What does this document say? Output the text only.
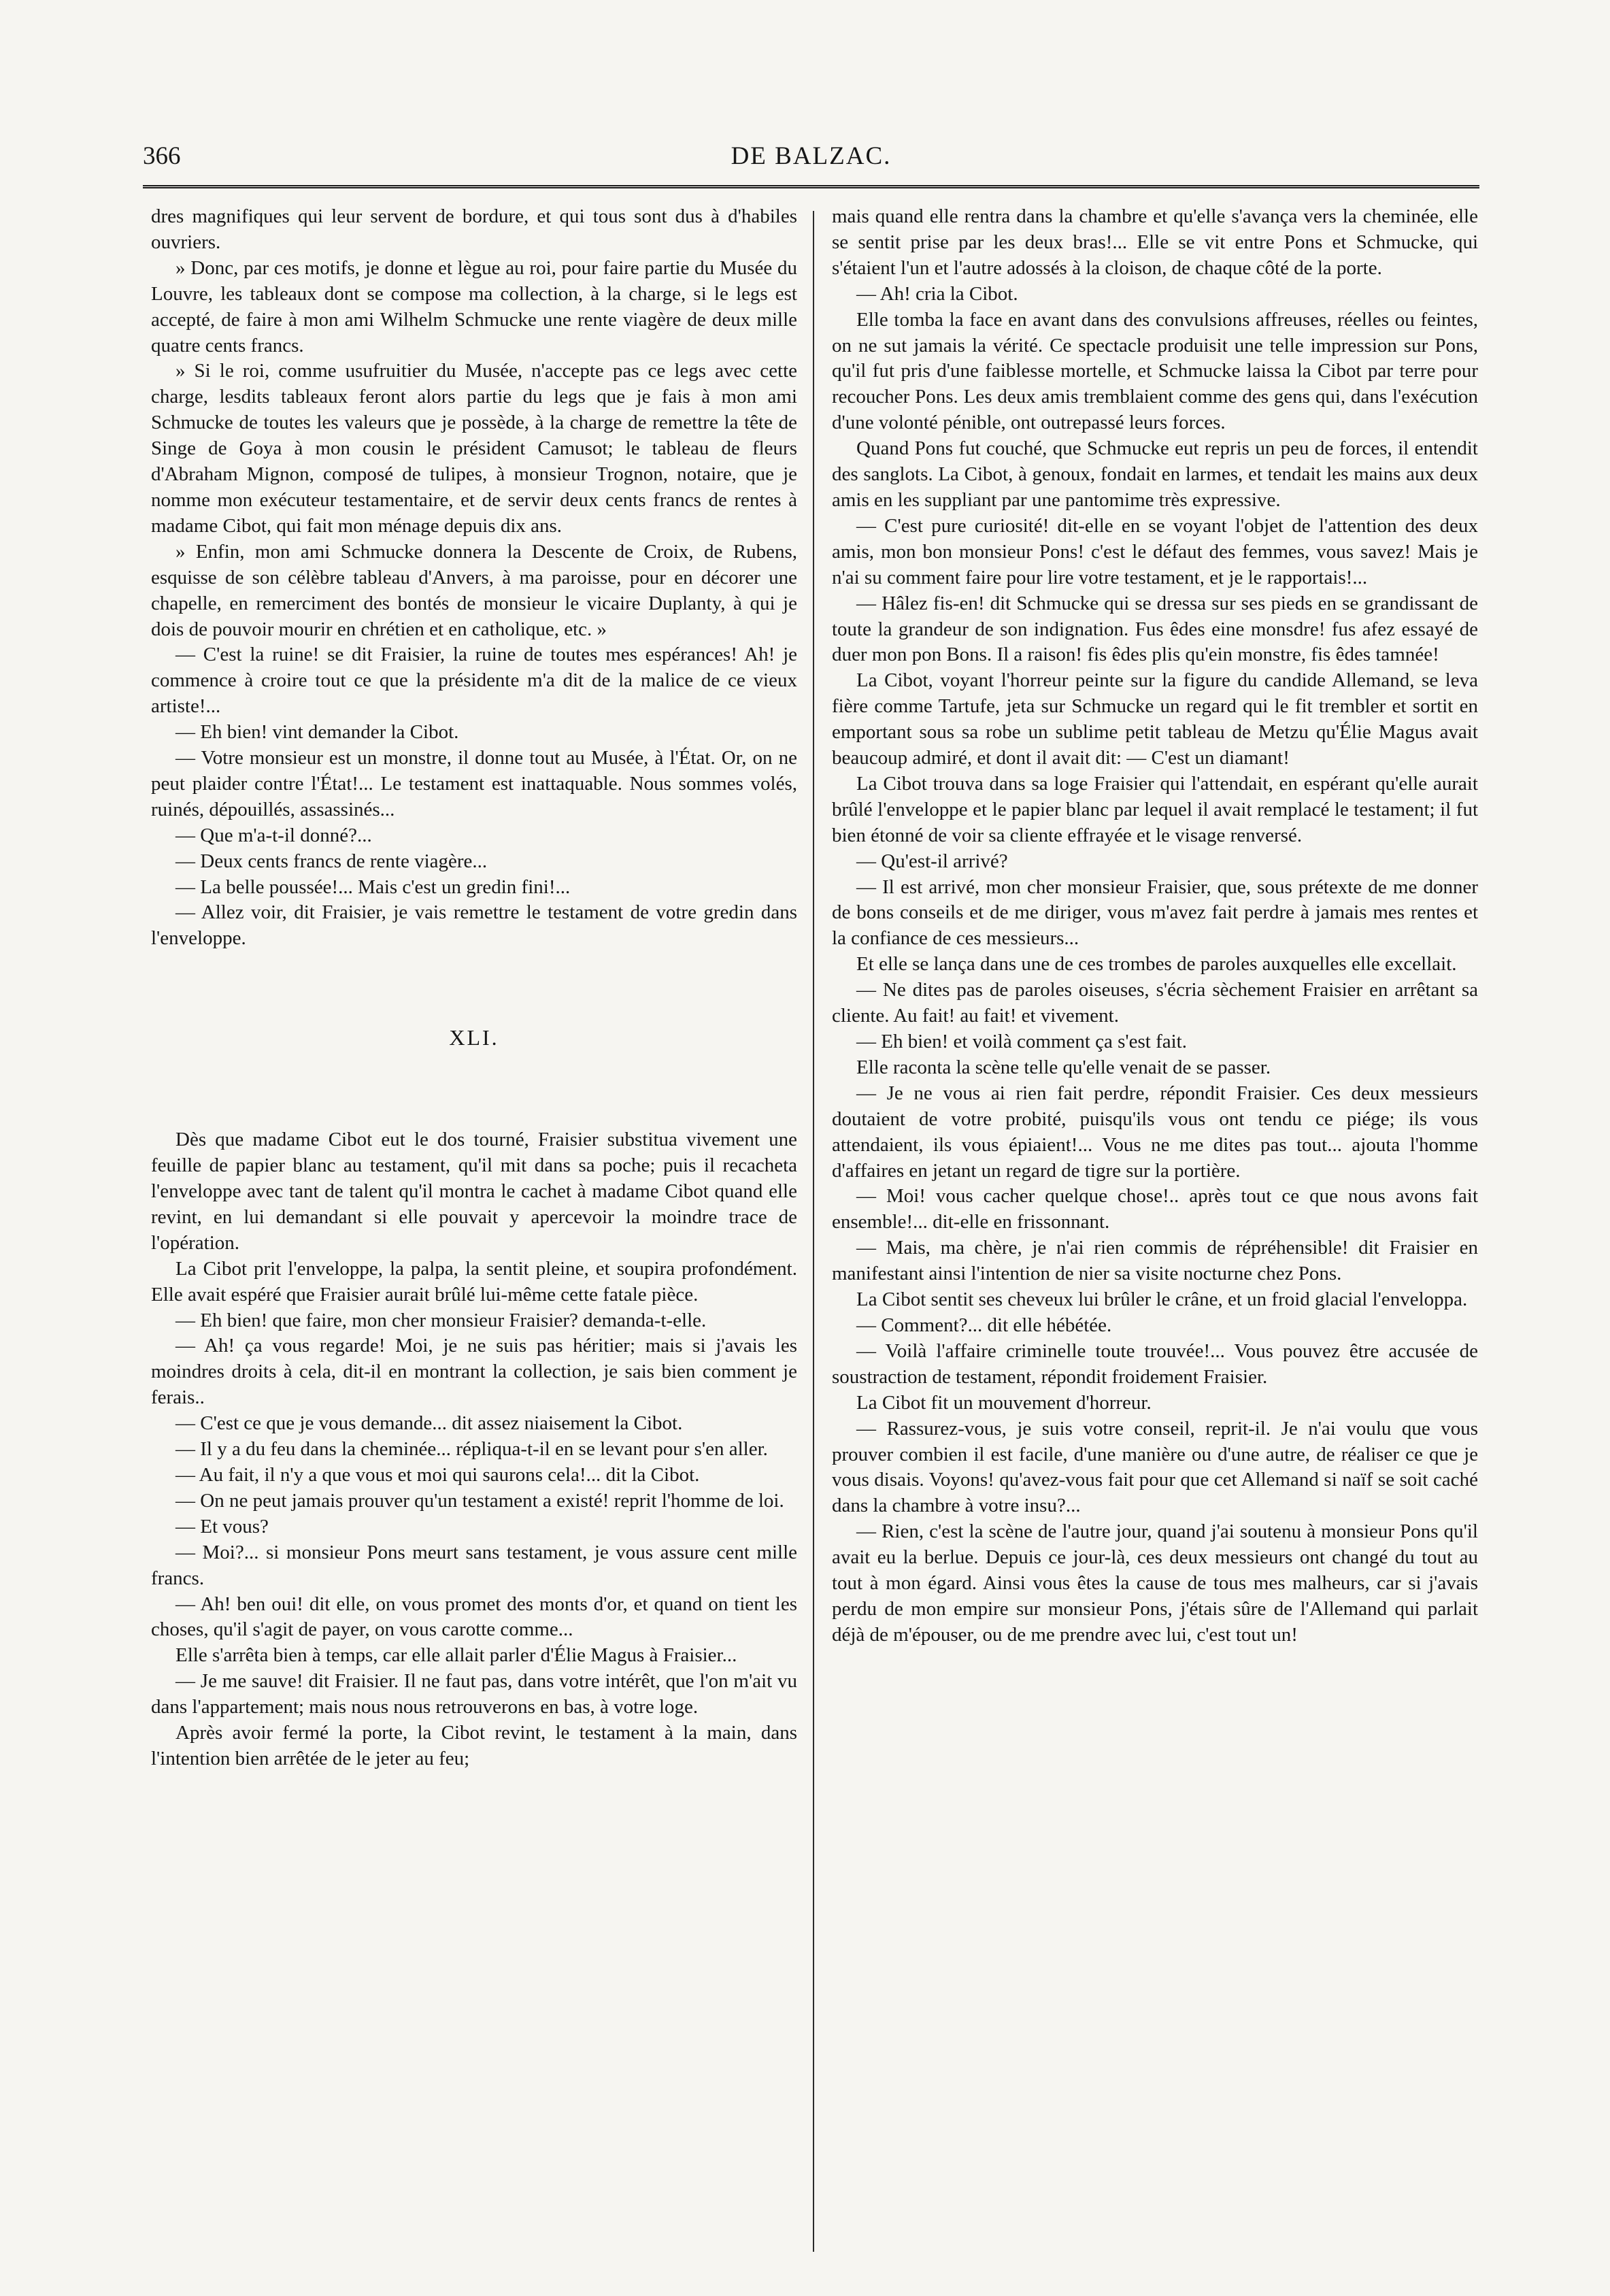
366	DE BALZAC.

dres magnifiques qui leur servent de bordure, et qui tous sont dus à d'habiles ouvriers.

» Donc, par ces motifs, je donne et lègue au roi, pour faire partie du Musée du Louvre, les tableaux dont se compose ma collection, à la charge, si le legs est accepté, de faire à mon ami Wilhelm Schmucke une rente viagère de deux mille quatre cents francs.

» Si le roi, comme usufruitier du Musée, n'accepte pas ce legs avec cette charge, lesdits tableaux feront alors partie du legs que je fais à mon ami Schmucke de toutes les valeurs que je possède, à la charge de remettre la tête de Singe de Goya à mon cousin le président Camusot; le tableau de fleurs d'Abraham Mignon, composé de tulipes, à monsieur Trognon, notaire, que je nomme mon exécuteur testamentaire, et de servir deux cents francs de rentes à madame Cibot, qui fait mon ménage depuis dix ans.

» Enfin, mon ami Schmucke donnera la Descente de Croix, de Rubens, esquisse de son célèbre tableau d'Anvers, à ma paroisse, pour en décorer une chapelle, en remerciment des bontés de monsieur le vicaire Duplanty, à qui je dois de pouvoir mourir en chrétien et en catholique, etc. »

— C'est la ruine! se dit Fraisier, la ruine de toutes mes espérances! Ah! je commence à croire tout ce que la présidente m'a dit de la malice de ce vieux artiste!...

— Eh bien! vint demander la Cibot.

— Votre monsieur est un monstre, il donne tout au Musée, à l'État. Or, on ne peut plaider contre l'État!... Le testament est inattaquable. Nous sommes volés, ruinés, dépouillés, assassinés...

— Que m'a-t-il donné?...

— Deux cents francs de rente viagère...

— La belle poussée!... Mais c'est un gredin fini!...

— Allez voir, dit Fraisier, je vais remettre le testament de votre gredin dans l'enveloppe.

XLI.

Dès que madame Cibot eut le dos tourné, Fraisier substitua vivement une feuille de papier blanc au testament, qu'il mit dans sa poche; puis il recacheta l'enveloppe avec tant de talent qu'il montra le cachet à madame Cibot quand elle revint, en lui demandant si elle pouvait y apercevoir la moindre trace de l'opération.

La Cibot prit l'enveloppe, la palpa, la sentit pleine, et soupira profondément. Elle avait espéré que Fraisier aurait brûlé lui-même cette fatale pièce.

— Eh bien! que faire, mon cher monsieur Fraisier? demanda-t-elle.

— Ah! ça vous regarde! Moi, je ne suis pas héritier; mais si j'avais les moindres droits à cela, dit-il en montrant la collection, je sais bien comment je ferais..

— C'est ce que je vous demande... dit assez niaisement la Cibot.

— Il y a du feu dans la cheminée... répliqua-t-il en se levant pour s'en aller.

— Au fait, il n'y a que vous et moi qui saurons cela!... dit la Cibot.

— On ne peut jamais prouver qu'un testament a existé! reprit l'homme de loi.

— Et vous?

— Moi?... si monsieur Pons meurt sans testament, je vous assure cent mille francs.

— Ah! ben oui! dit elle, on vous promet des monts d'or, et quand on tient les choses, qu'il s'agit de payer, on vous carotte comme...

Elle s'arrêta bien à temps, car elle allait parler d'Élie Magus à Fraisier...

— Je me sauve! dit Fraisier. Il ne faut pas, dans votre intérêt, que l'on m'ait vu dans l'appartement; mais nous nous retrouverons en bas, à votre loge.

Après avoir fermé la porte, la Cibot revint, le testament à la main, dans l'intention bien arrêtée de le jeter au feu;

mais quand elle rentra dans la chambre et qu'elle s'avança vers la cheminée, elle se sentit prise par les deux bras!... Elle se vit entre Pons et Schmucke, qui s'étaient l'un et l'autre adossés à la cloison, de chaque côté de la porte.

— Ah! cria la Cibot.

Elle tomba la face en avant dans des convulsions affreuses, réelles ou feintes, on ne sut jamais la vérité. Ce spectacle produisit une telle impression sur Pons, qu'il fut pris d'une faiblesse mortelle, et Schmucke laissa la Cibot par terre pour recoucher Pons. Les deux amis tremblaient comme des gens qui, dans l'exécution d'une volonté pénible, ont outrepassé leurs forces.

Quand Pons fut couché, que Schmucke eut repris un peu de forces, il entendit des sanglots. La Cibot, à genoux, fondait en larmes, et tendait les mains aux deux amis en les suppliant par une pantomime très expressive.

— C'est pure curiosité! dit-elle en se voyant l'objet de l'attention des deux amis, mon bon monsieur Pons! c'est le défaut des femmes, vous savez! Mais je n'ai su comment faire pour lire votre testament, et je le rapportais!...

— Hâlez fis-en! dit Schmucke qui se dressa sur ses pieds en se grandissant de toute la grandeur de son indignation. Fus êdes eine monsdre! fus afez essayé de duer mon pon Bons. Il a raison! fis êdes plis qu'ein monstre, fis êdes tamnée!

La Cibot, voyant l'horreur peinte sur la figure du candide Allemand, se leva fière comme Tartufe, jeta sur Schmucke un regard qui le fit trembler et sortit en emportant sous sa robe un sublime petit tableau de Metzu qu'Élie Magus avait beaucoup admiré, et dont il avait dit: — C'est un diamant!

La Cibot trouva dans sa loge Fraisier qui l'attendait, en espérant qu'elle aurait brûlé l'enveloppe et le papier blanc par lequel il avait remplacé le testament; il fut bien étonné de voir sa cliente effrayée et le visage renversé.

— Qu'est-il arrivé?

— Il est arrivé, mon cher monsieur Fraisier, que, sous prétexte de me donner de bons conseils et de me diriger, vous m'avez fait perdre à jamais mes rentes et la confiance de ces messieurs...

Et elle se lança dans une de ces trombes de paroles auxquelles elle excellait.

— Ne dites pas de paroles oiseuses, s'écria sèchement Fraisier en arrêtant sa cliente. Au fait! au fait! et vivement.

— Eh bien! et voilà comment ça s'est fait.

Elle raconta la scène telle qu'elle venait de se passer.

— Je ne vous ai rien fait perdre, répondit Fraisier. Ces deux messieurs doutaient de votre probité, puisqu'ils vous ont tendu ce piége; ils vous attendaient, ils vous épiaient!... Vous ne me dites pas tout... ajouta l'homme d'affaires en jetant un regard de tigre sur la portière.

— Moi! vous cacher quelque chose!.. après tout ce que nous avons fait ensemble!... dit-elle en frissonnant.

— Mais, ma chère, je n'ai rien commis de répréhensible! dit Fraisier en manifestant ainsi l'intention de nier sa visite nocturne chez Pons.

La Cibot sentit ses cheveux lui brûler le crâne, et un froid glacial l'enveloppa.

— Comment?... dit elle hébétée.

— Voilà l'affaire criminelle toute trouvée!... Vous pouvez être accusée de soustraction de testament, répondit froidement Fraisier.

La Cibot fit un mouvement d'horreur.

— Rassurez-vous, je suis votre conseil, reprit-il. Je n'ai voulu que vous prouver combien il est facile, d'une manière ou d'une autre, de réaliser ce que je vous disais. Voyons! qu'avez-vous fait pour que cet Allemand si naïf se soit caché dans la chambre à votre insu?...

— Rien, c'est la scène de l'autre jour, quand j'ai soutenu à monsieur Pons qu'il avait eu la berlue. Depuis ce jour-là, ces deux messieurs ont changé du tout au tout à mon égard. Ainsi vous êtes la cause de tous mes malheurs, car si j'avais perdu de mon empire sur monsieur Pons, j'étais sûre de l'Allemand qui parlait déjà de m'épouser, ou de me prendre avec lui, c'est tout un!
